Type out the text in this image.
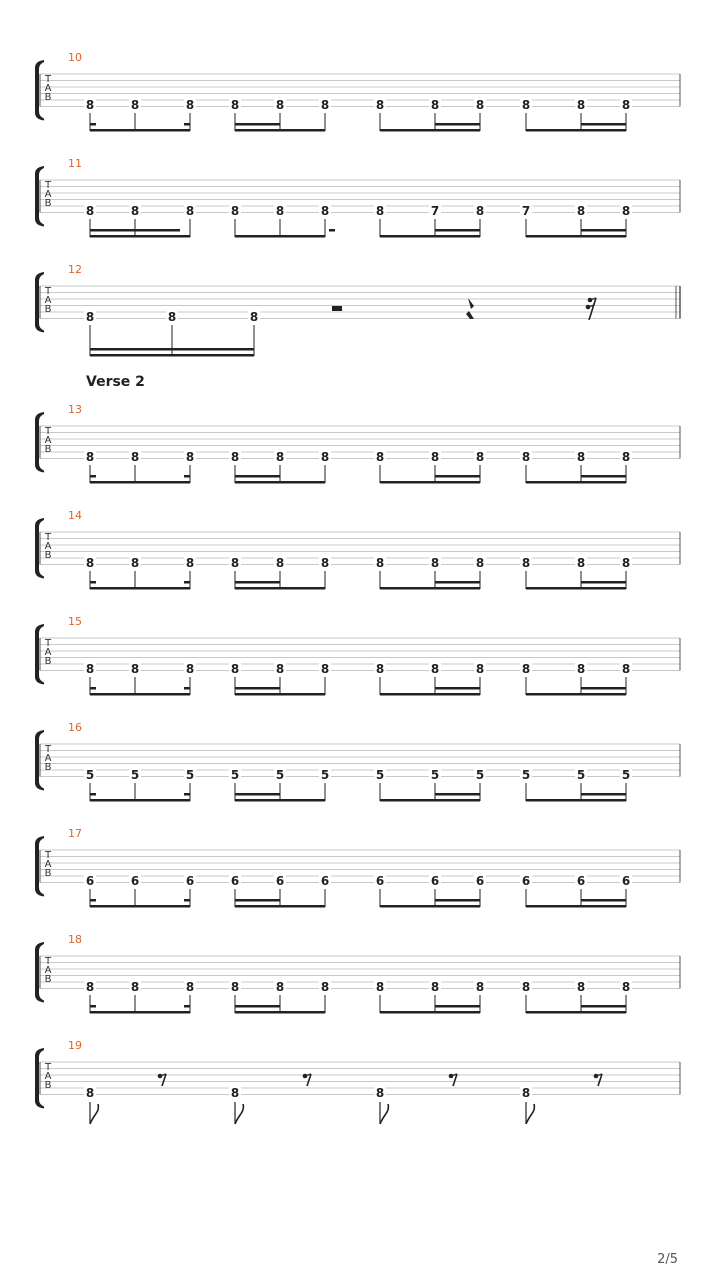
T
A
B
10
8	8	8	8	8	8	8	8	8	8	8	8
T
A
B
11
8	8	8	8	8	8	8	7	8	7	8	8
T
A
B
12
8	8	8
T
A
B
13
8	8	8	8	8	8	8	8	8	8	8	8
T
A
B
14
8	8	8	8	8	8	8	8	8	8	8	8
T
A
B
15
8	8	8	8	8	8	8	8	8	8	8	8
T
A
B
16
5	5	5	5	5	5	5	5	5	5	5	5
T
A
B
17
6	6	6	6	6	6	6	6	6	6	6	6
T
A
B
18
8	8	8	8	8	8	8	8	8	8	8	8
T
A
B
19
8	8	8	8
Verse 2
2/5
